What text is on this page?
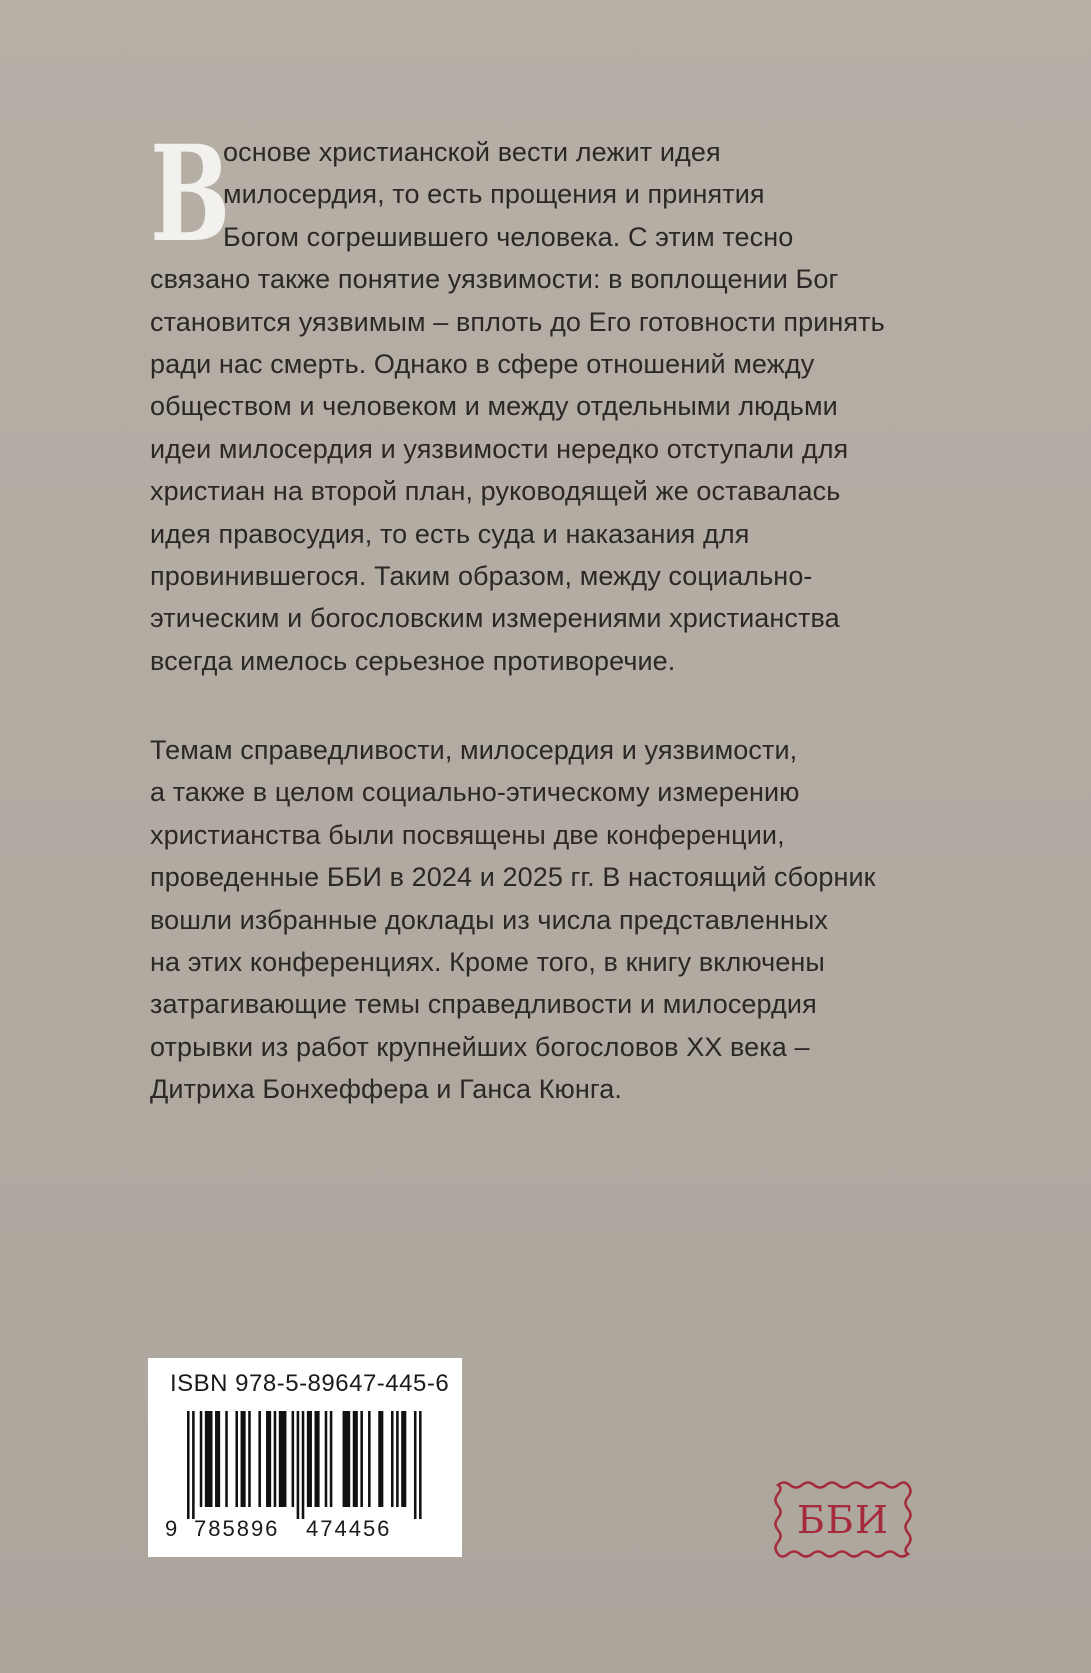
В
основе христианской вести лежит идея
милосердия, то есть прощения и принятия
Богом согрешившего человека. С этим тесно
связано также понятие уязвимости: в воплощении Бог
становится уязвимым – вплоть до Его готовности принять
ради нас смерть. Однако в сфере отношений между
обществом и человеком и между отдельными людьми
идеи милосердия и уязвимости нередко отступали для
христиан на второй план, руководящей же оставалась
идея правосудия, то есть суда и наказания для
провинившегося. Таким образом, между социально-
этическим и богословским измерениями христианства
всегда имелось серьезное противоречие.
Темам справедливости, милосердия и уязвимости,
а также в целом социально-этическому измерению
христианства были посвящены две конференции,
проведенные ББИ в 2024 и 2025 гг. В настоящий сборник
вошли избранные доклады из числа представленных
на этих конференциях. Кроме того, в книгу включены
затрагивающие темы справедливости и милосердия
отрывки из работ крупнейших богословов XX века –
Дитриха Бонхеффера и Ганса Кюнга.
ISBN 978-5-89647-445-6
9 785896 474456	ББИ
